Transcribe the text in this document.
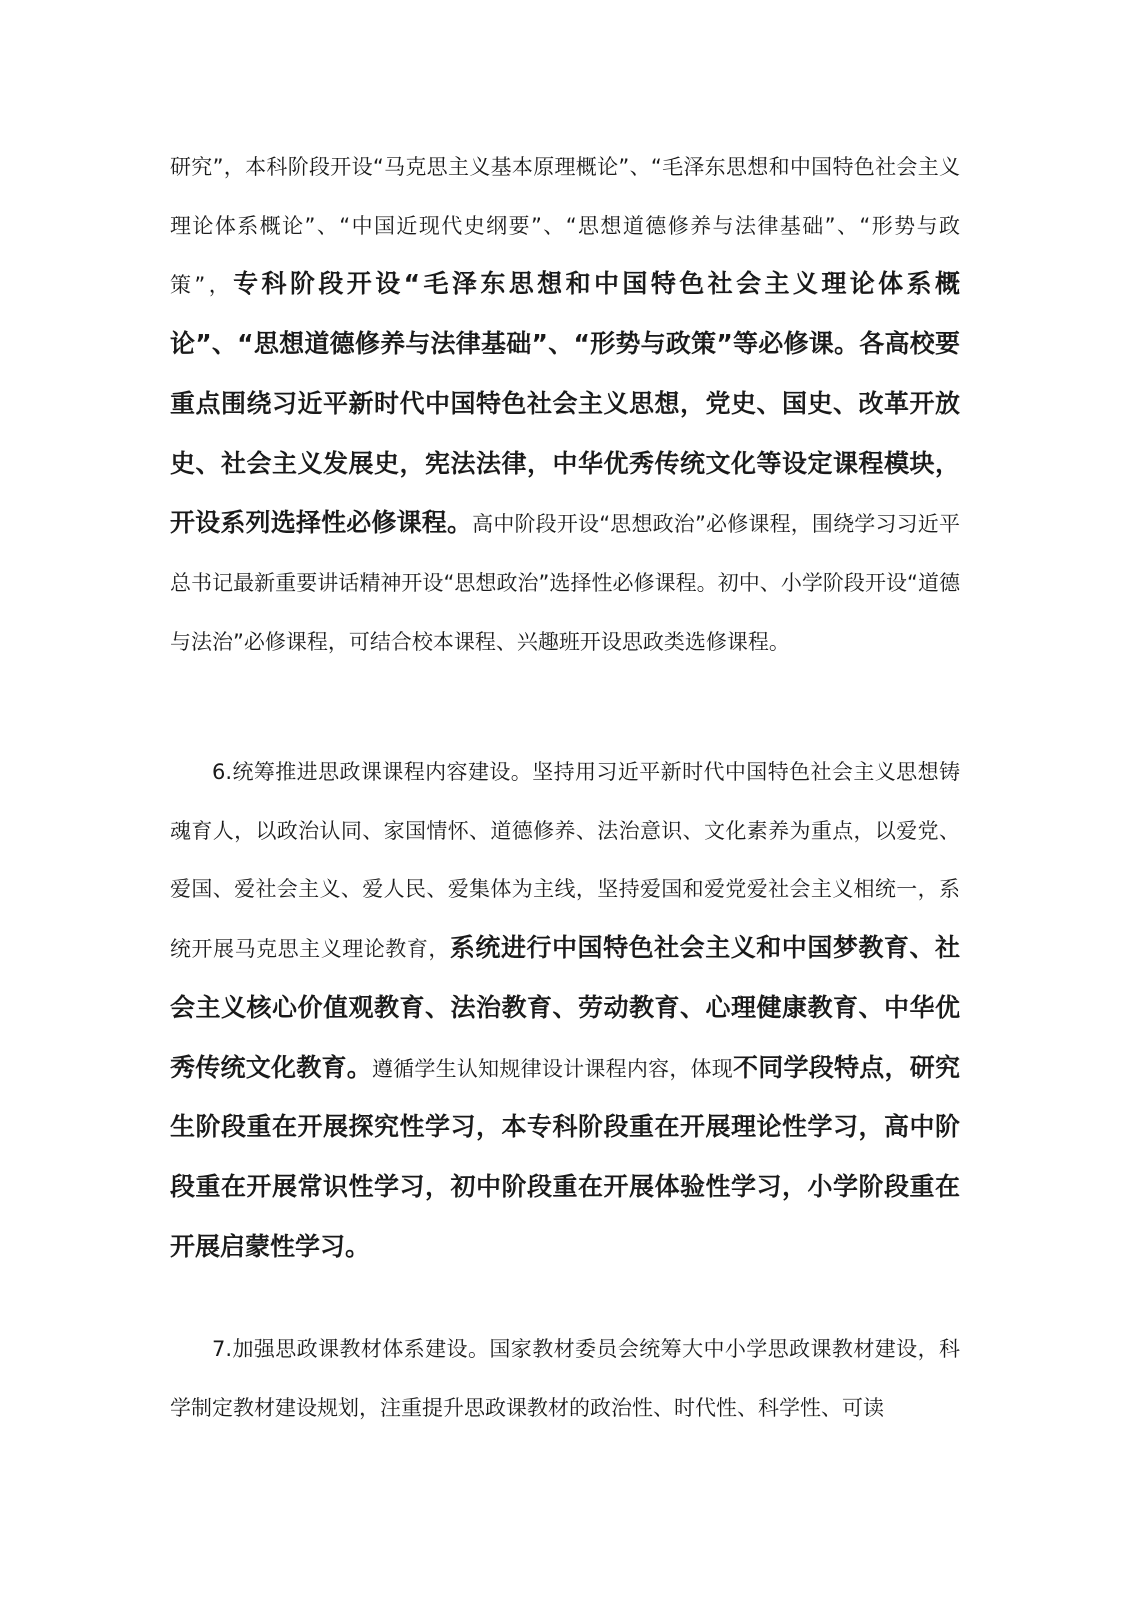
研究”，本科阶段开设“马克思主义基本原理概论”、“毛泽东思想和中国特色社会主义理论体系概论”、“中国近现代史纲要”、“思想道德修养与法律基础”、“形势与政策”，专科阶段开设“毛泽东思想和中国特色社会主义理论体系概论”、“思想道德修养与法律基础”、“形势与政策”等必修课。各高校要重点围绕习近平新时代中国特色社会主义思想，党史、国史、改革开放史、社会主义发展史，宪法法律，中华优秀传统文化等设定课程模块，开设系列选择性必修课程。高中阶段开设“思想政治”必修课程，围绕学习习近平总书记最新重要讲话精神开设“思想政治”选择性必修课程。初中、小学阶段开设“道德与法治”必修课程，可结合校本课程、兴趣班开设思政类选修课程。

6.统筹推进思政课课程内容建设。坚持用习近平新时代中国特色社会主义思想铸魂育人，以政治认同、家国情怀、道德修养、法治意识、文化素养为重点，以爱党、爱国、爱社会主义、爱人民、爱集体为主线，坚持爱国和爱党爱社会主义相统一，系统开展马克思主义理论教育，系统进行中国特色社会主义和中国梦教育、社会主义核心价值观教育、法治教育、劳动教育、心理健康教育、中华优秀传统文化教育。遵循学生认知规律设计课程内容，体现不同学段特点，研究生阶段重在开展探究性学习，本专科阶段重在开展理论性学习，高中阶段重在开展常识性学习，初中阶段重在开展体验性学习，小学阶段重在开展启蒙性学习。

7.加强思政课教材体系建设。国家教材委员会统筹大中小学思政课教材建设，科学制定教材建设规划，注重提升思政课教材的政治性、时代性、科学性、可读
